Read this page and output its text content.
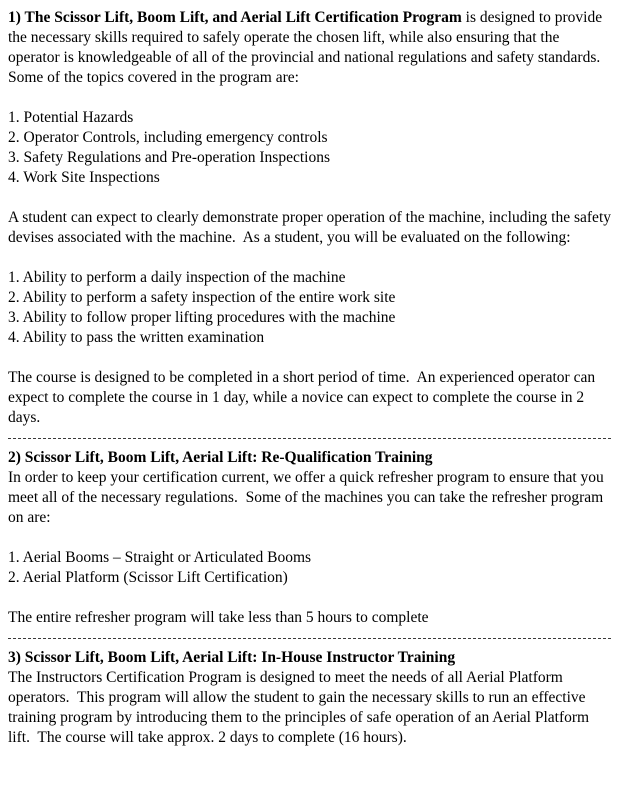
1) The Scissor Lift, Boom Lift, and Aerial Lift Certification Program is designed to provide the necessary skills required to safely operate the chosen lift, while also ensuring that the operator is knowledgeable of all of the provincial and national regulations and safety standards.  Some of the topics covered in the program are:

1. Potential Hazards

2. Operator Controls, including emergency controls

3. Safety Regulations and Pre-operation Inspections

4. Work Site Inspections

A student can expect to clearly demonstrate proper operation of the machine, including the safety devises associated with the machine.  As a student, you will be evaluated on the following:

1. Ability to perform a daily inspection of the machine

2. Ability to perform a safety inspection of the entire work site

3. Ability to follow proper lifting procedures with the machine

4. Ability to pass the written examination

The course is designed to be completed in a short period of time.  An experienced operator can expect to complete the course in 1 day, while a novice can expect to complete the course in 2 days.

2) Scissor Lift, Boom Lift, Aerial Lift: Re-Qualification Training

In order to keep your certification current, we offer a quick refresher program to ensure that you meet all of the necessary regulations.  Some of the machines you can take the refresher program on are:

1. Aerial Booms – Straight or Articulated Booms

2. Aerial Platform (Scissor Lift Certification)

The entire refresher program will take less than 5 hours to complete

3) Scissor Lift, Boom Lift, Aerial Lift: In-House Instructor Training

The Instructors Certification Program is designed to meet the needs of all Aerial Platform operators.  This program will allow the student to gain the necessary skills to run an effective training program by introducing them to the principles of safe operation of an Aerial Platform lift.  The course will take approx. 2 days to complete (16 hours).
